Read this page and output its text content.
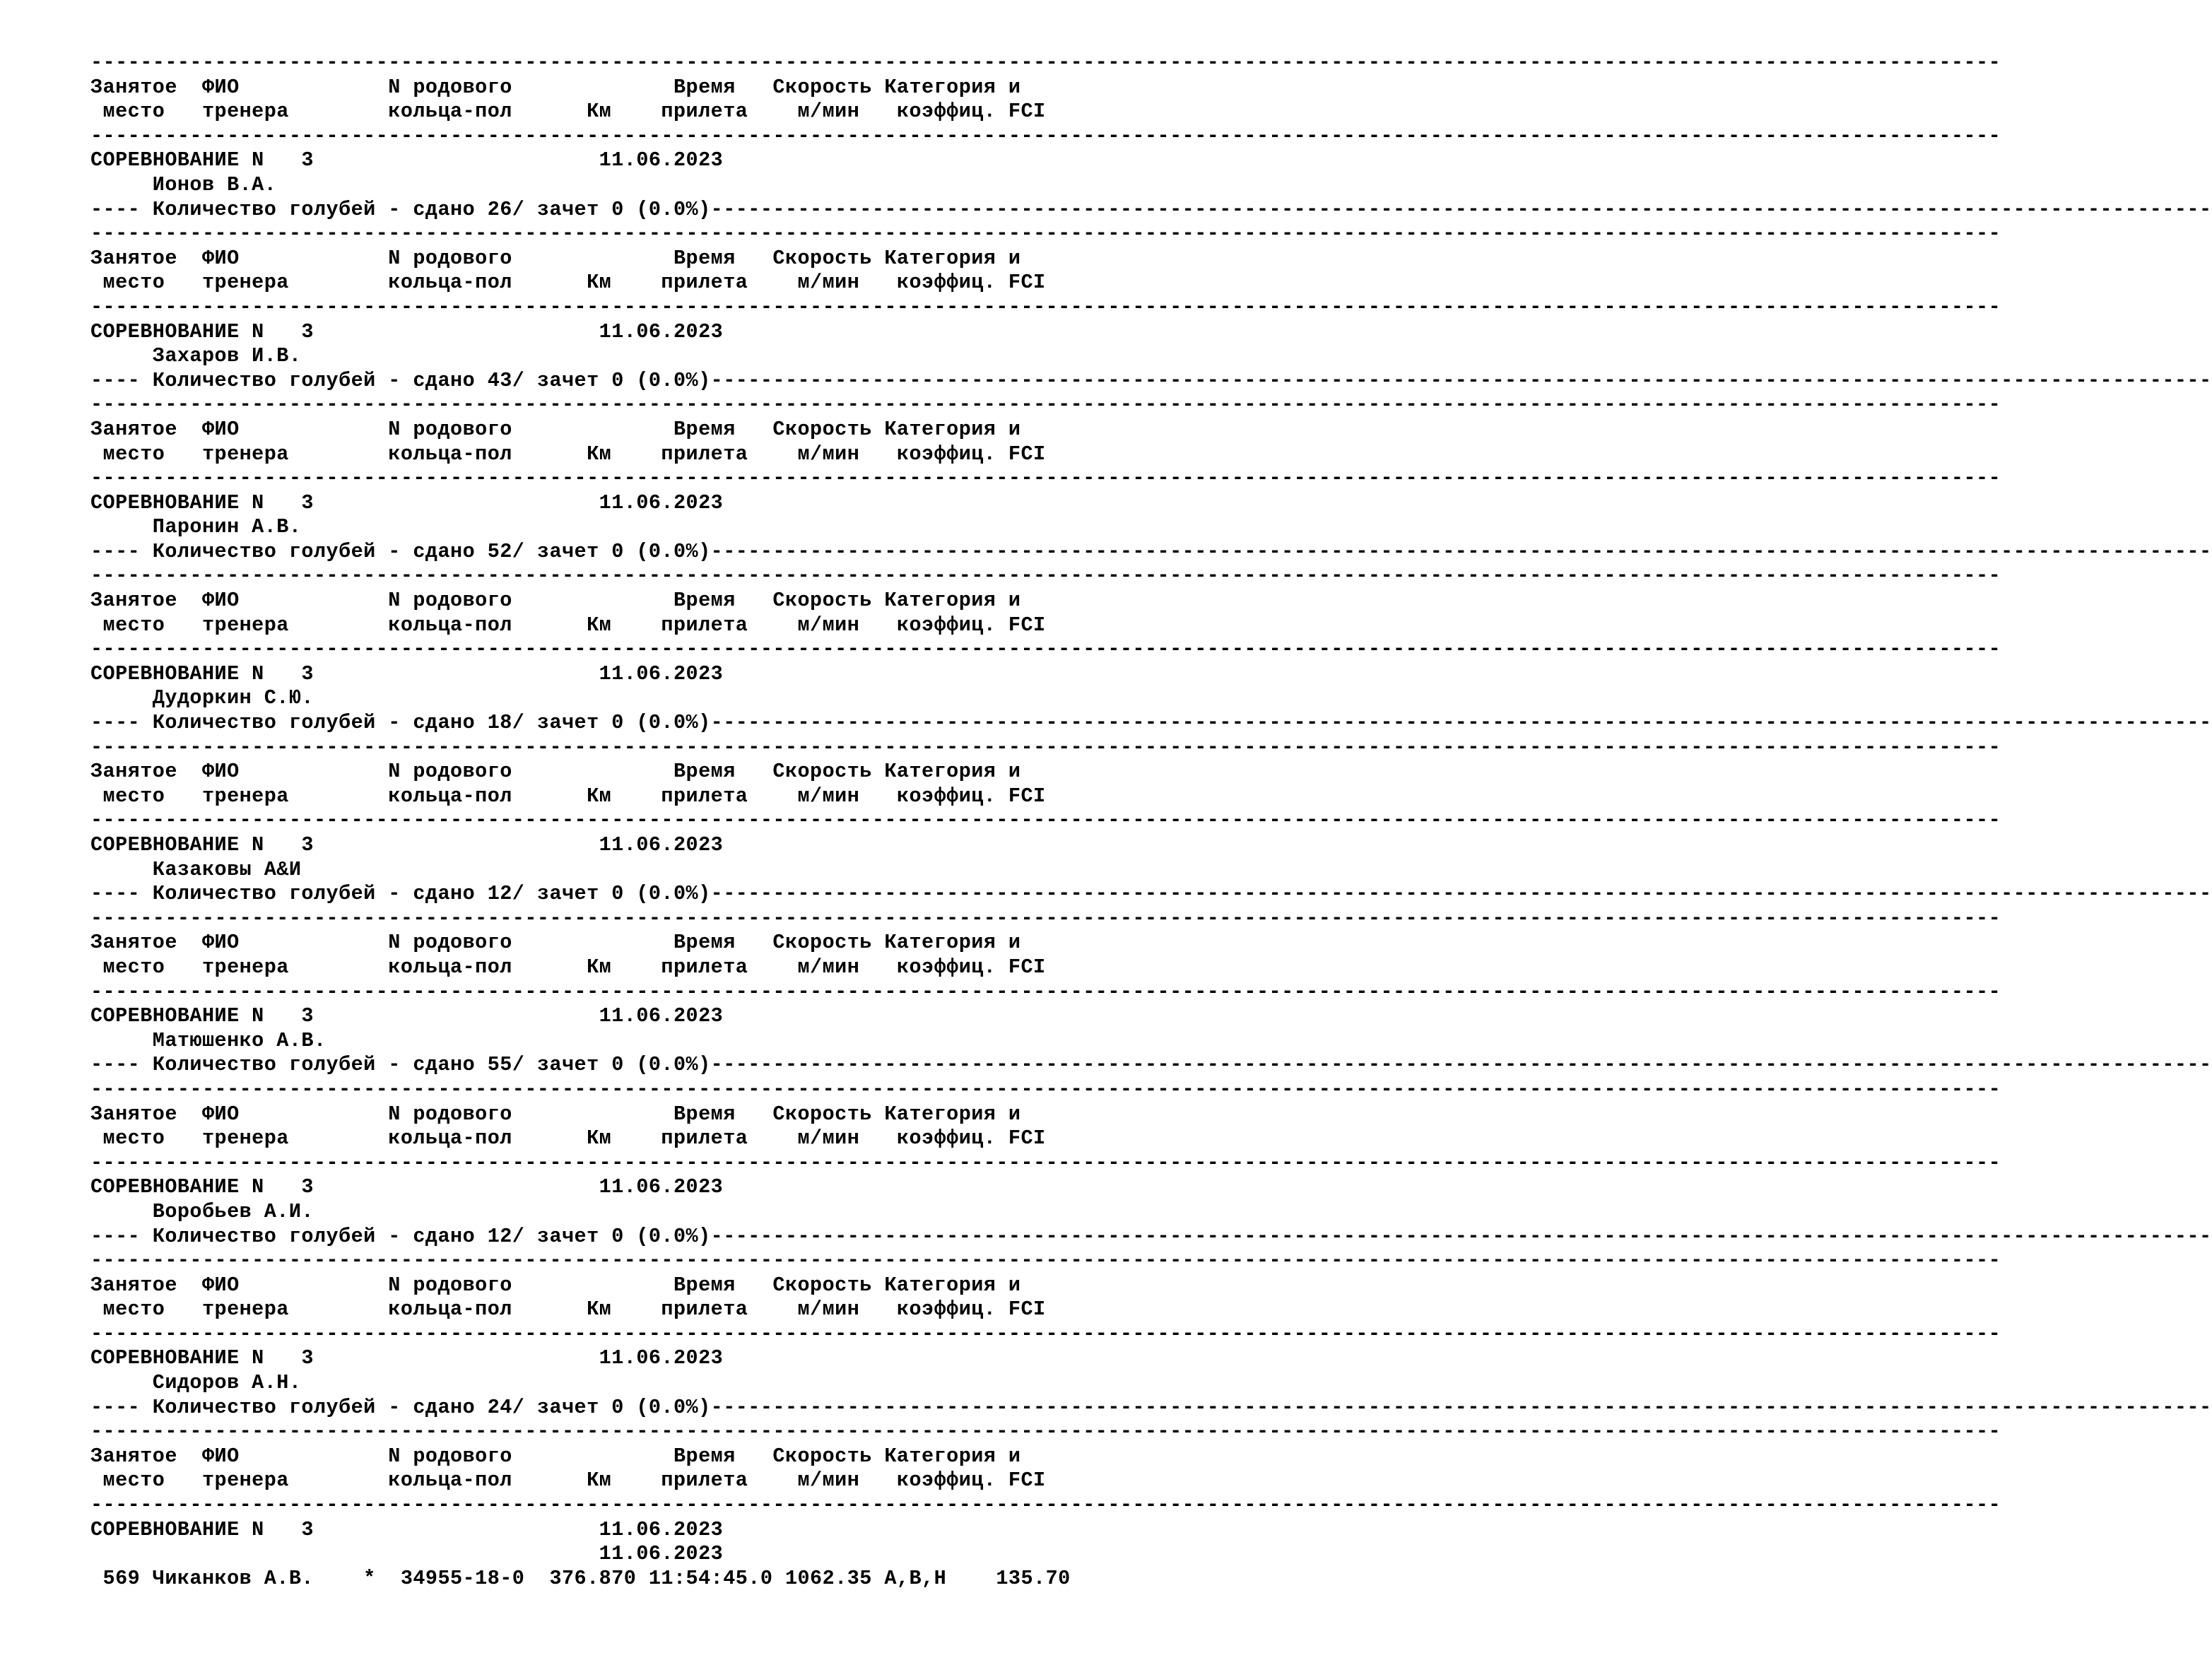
----------------------------------------------------------------------------------------------------------------------------------------------------------
Занятое  ФИО            N родового             Время   Скорость Категория и
место   тренера        кольца-пол      Км    прилета    м/мин   коэффиц. FCI
----------------------------------------------------------------------------------------------------------------------------------------------------------
СОРЕВНОВАНИЕ N   3                       11.06.2023
Ионов В.А.
---- Количество голубей - сдано 26/ зачет 0 (0.0%)-------------------------------------------------------------------------------------------------------------------------
----------------------------------------------------------------------------------------------------------------------------------------------------------
Занятое  ФИО            N родового             Время   Скорость Категория и
место   тренера        кольца-пол      Км    прилета    м/мин   коэффиц. FCI
----------------------------------------------------------------------------------------------------------------------------------------------------------
СОРЕВНОВАНИЕ N   3                       11.06.2023
Захаров И.В.
---- Количество голубей - сдано 43/ зачет 0 (0.0%)-------------------------------------------------------------------------------------------------------------------------
----------------------------------------------------------------------------------------------------------------------------------------------------------
Занятое  ФИО            N родового             Время   Скорость Категория и
место   тренера        кольца-пол      Км    прилета    м/мин   коэффиц. FCI
----------------------------------------------------------------------------------------------------------------------------------------------------------
СОРЕВНОВАНИЕ N   3                       11.06.2023
Паронин А.В.
---- Количество голубей - сдано 52/ зачет 0 (0.0%)-------------------------------------------------------------------------------------------------------------------------
----------------------------------------------------------------------------------------------------------------------------------------------------------
Занятое  ФИО            N родового             Время   Скорость Категория и
место   тренера        кольца-пол      Км    прилета    м/мин   коэффиц. FCI
----------------------------------------------------------------------------------------------------------------------------------------------------------
СОРЕВНОВАНИЕ N   3                       11.06.2023
Дудоркин С.Ю.
---- Количество голубей - сдано 18/ зачет 0 (0.0%)-------------------------------------------------------------------------------------------------------------------------
----------------------------------------------------------------------------------------------------------------------------------------------------------
Занятое  ФИО            N родового             Время   Скорость Категория и
место   тренера        кольца-пол      Км    прилета    м/мин   коэффиц. FCI
----------------------------------------------------------------------------------------------------------------------------------------------------------
СОРЕВНОВАНИЕ N   3                       11.06.2023
Казаковы А&И
---- Количество голубей - сдано 12/ зачет 0 (0.0%)-------------------------------------------------------------------------------------------------------------------------
----------------------------------------------------------------------------------------------------------------------------------------------------------
Занятое  ФИО            N родового             Время   Скорость Категория и
место   тренера        кольца-пол      Км    прилета    м/мин   коэффиц. FCI
----------------------------------------------------------------------------------------------------------------------------------------------------------
СОРЕВНОВАНИЕ N   3                       11.06.2023
Матюшенко А.В.
---- Количество голубей - сдано 55/ зачет 0 (0.0%)-------------------------------------------------------------------------------------------------------------------------
----------------------------------------------------------------------------------------------------------------------------------------------------------
Занятое  ФИО            N родового             Время   Скорость Категория и
место   тренера        кольца-пол      Км    прилета    м/мин   коэффиц. FCI
----------------------------------------------------------------------------------------------------------------------------------------------------------
СОРЕВНОВАНИЕ N   3                       11.06.2023
Воробьев А.И.
---- Количество голубей - сдано 12/ зачет 0 (0.0%)-------------------------------------------------------------------------------------------------------------------------
----------------------------------------------------------------------------------------------------------------------------------------------------------
Занятое  ФИО            N родового             Время   Скорость Категория и
место   тренера        кольца-пол      Км    прилета    м/мин   коэффиц. FCI
----------------------------------------------------------------------------------------------------------------------------------------------------------
СОРЕВНОВАНИЕ N   3                       11.06.2023
Сидоров А.Н.
---- Количество голубей - сдано 24/ зачет 0 (0.0%)-------------------------------------------------------------------------------------------------------------------------
----------------------------------------------------------------------------------------------------------------------------------------------------------
Занятое  ФИО            N родового             Время   Скорость Категория и
место   тренера        кольца-пол      Км    прилета    м/мин   коэффиц. FCI
----------------------------------------------------------------------------------------------------------------------------------------------------------
СОРЕВНОВАНИЕ N   3                       11.06.2023
11.06.2023
569 Чиканков А.В.    *  34955-18-0  376.870 11:54:45.0 1062.35 A,B,H    135.70
